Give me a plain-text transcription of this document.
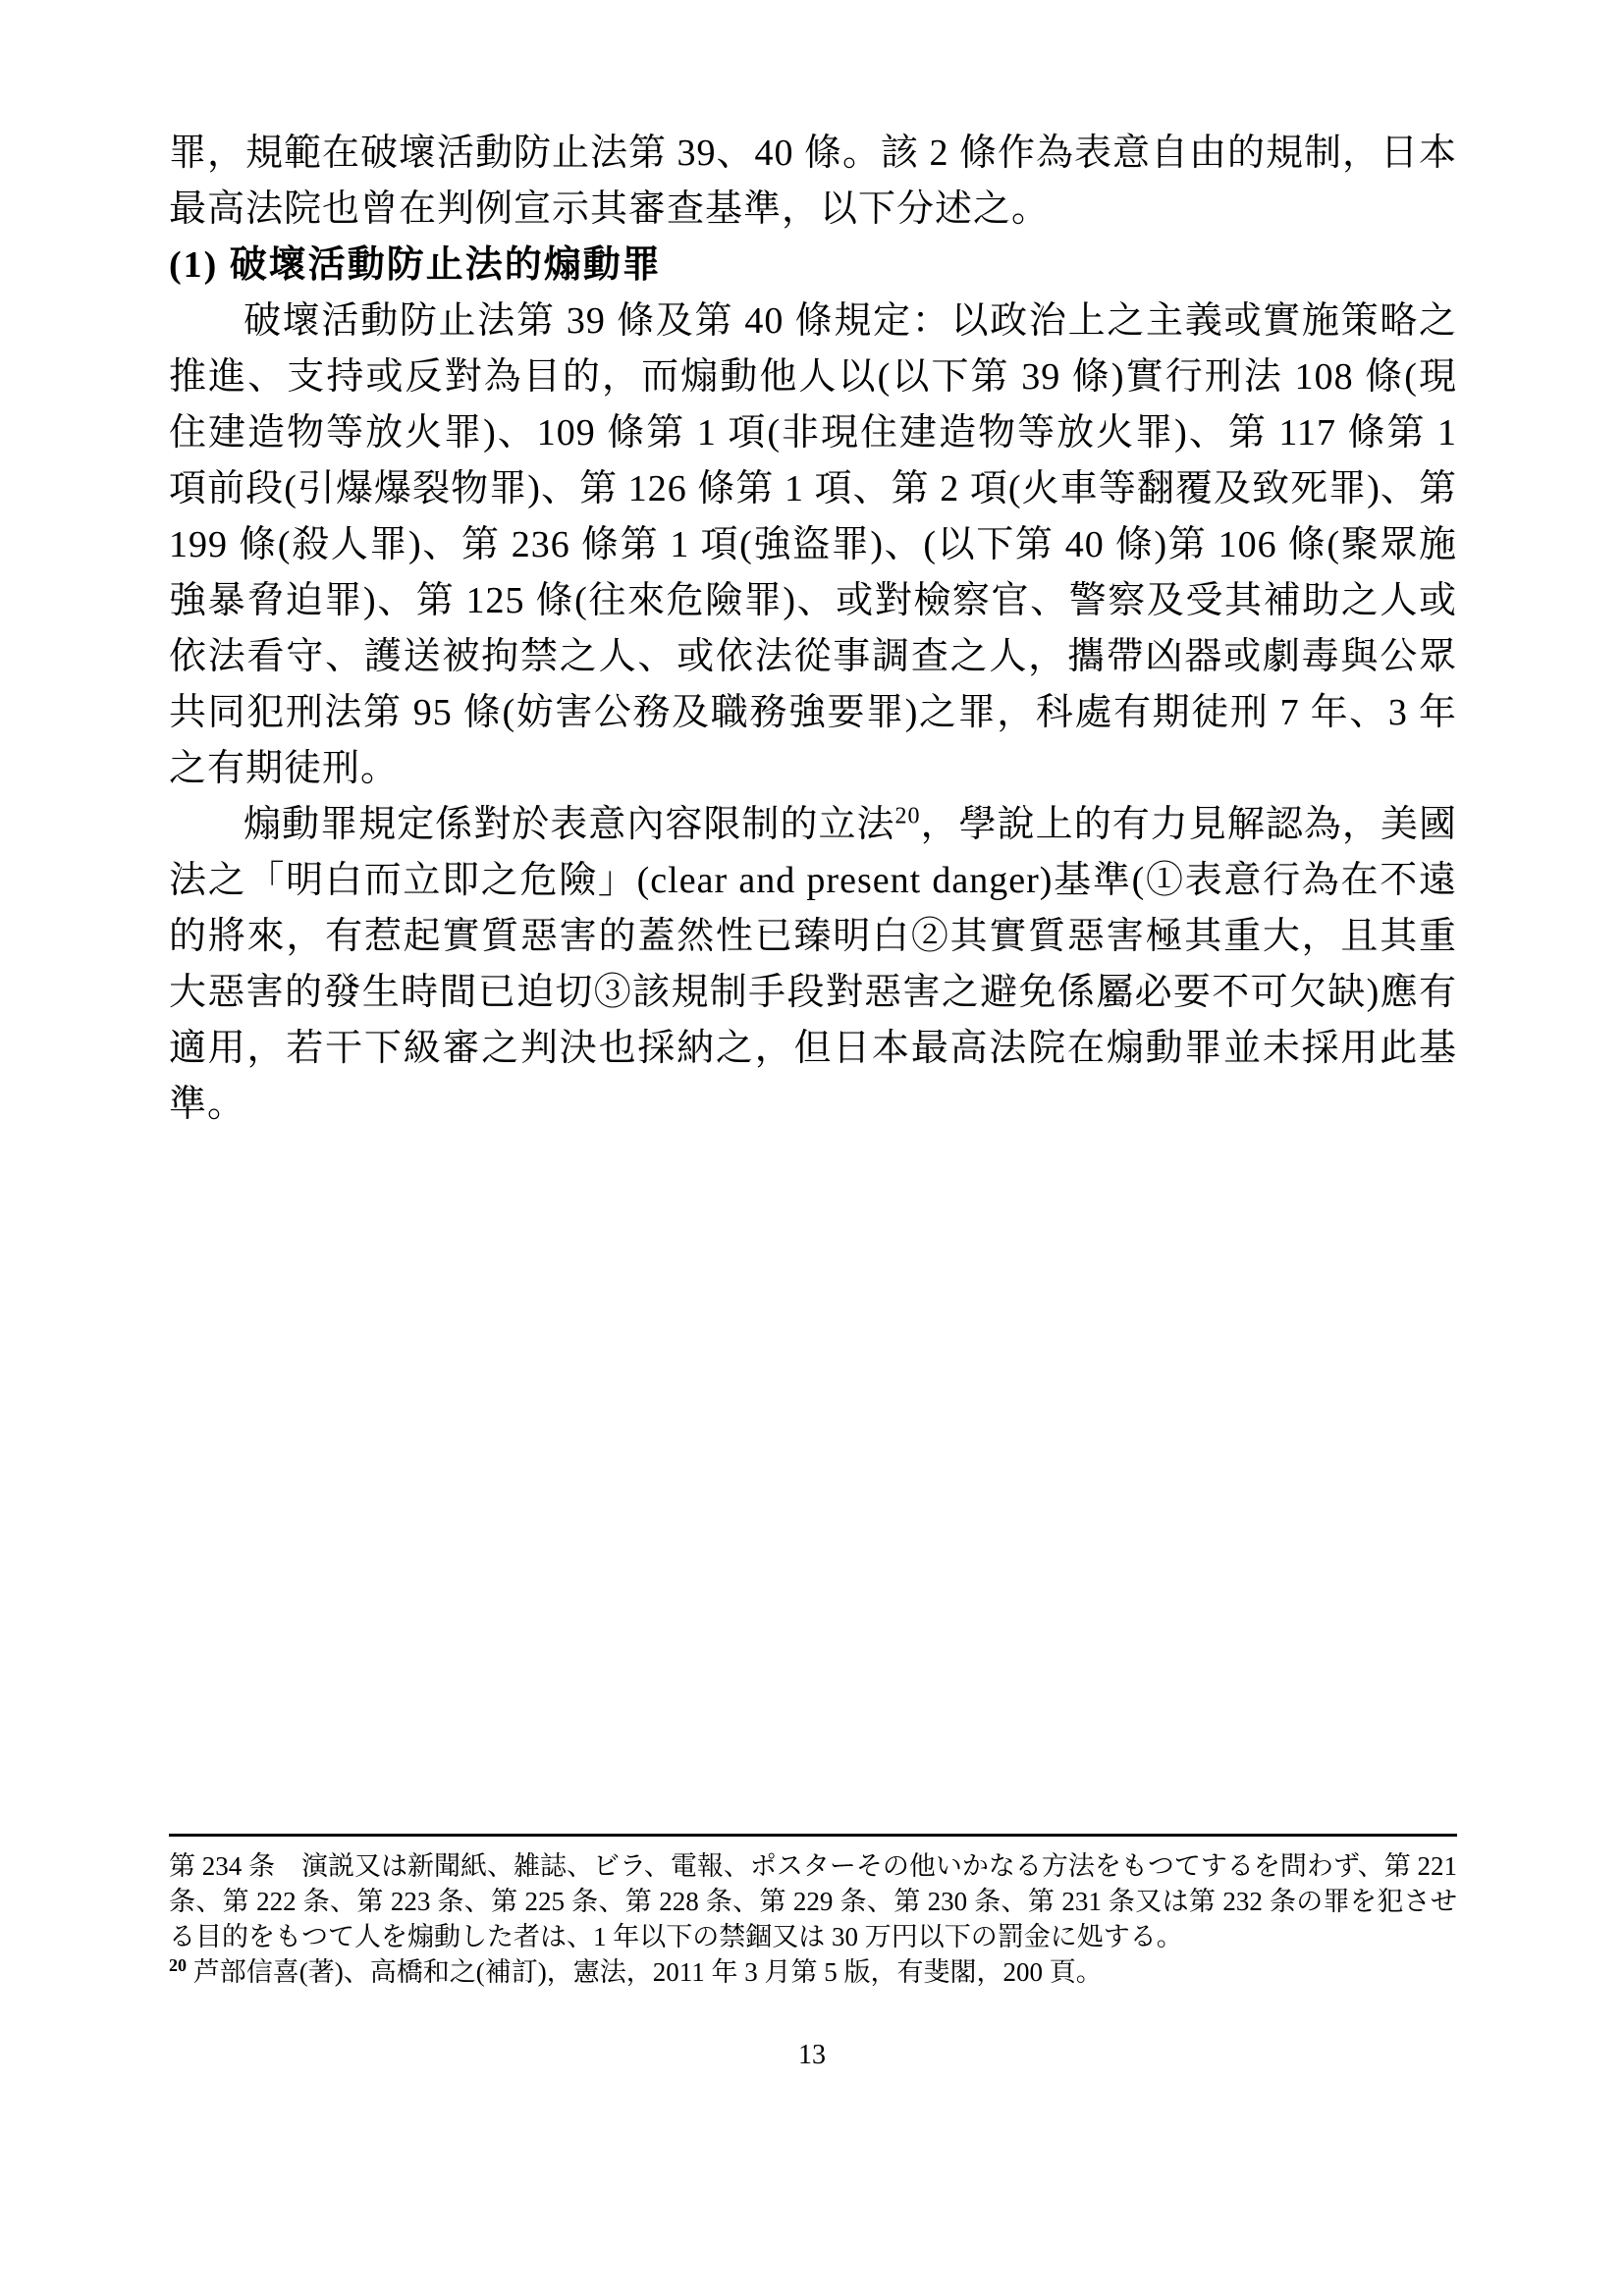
罪，規範在破壞活動防止法第 39、40 條。該 2 條作為表意自由的規制，日本最高法院也曾在判例宣示其審查基準，以下分述之。

(1) 破壞活動防止法的煽動罪

破壞活動防止法第 39 條及第 40 條規定：以政治上之主義或實施策略之推進、支持或反對為目的，而煽動他人以(以下第 39 條)實行刑法 108 條(現住建造物等放火罪)、109 條第 1 項(非現住建造物等放火罪)、第 117 條第 1 項前段(引爆爆裂物罪)、第 126 條第 1 項、第 2 項(火車等翻覆及致死罪)、第 199 條(殺人罪)、第 236 條第 1 項(強盜罪)、(以下第 40 條)第 106 條(聚眾施強暴脅迫罪)、第 125 條(往來危險罪)、或對檢察官、警察及受其補助之人或依法看守、護送被拘禁之人、或依法從事調查之人，攜帶凶器或劇毒與公眾共同犯刑法第 95 條(妨害公務及職務強要罪)之罪，科處有期徒刑 7 年、3 年之有期徒刑。

煽動罪規定係對於表意內容限制的立法$^{20}$，學說上的有力見解認為，美國法之「明白而立即之危險」(clear and present danger)基準(①表意行為在不遠的將來，有惹起實質惡害的蓋然性已臻明白②其實質惡害極其重大，且其重大惡害的發生時間已迫切③該規制手段對惡害之避免係屬必要不可欠缺)應有適用，若干下級審之判決也採納之，但日本最高法院在煽動罪並未採用此基準。

第 234 条　演説又は新聞紙、雑誌、ビラ、電報、ポスターその他いかなる方法をもつてするを問わず、第 221 条、第 222 条、第 223 条、第 225 条、第 228 条、第 229 条、第 230 条、第 231 条又は第 232 条の罪を犯させる目的をもつて人を煽動した者は、1 年以下の禁錮又は 30 万円以下の罰金に処する。

$^{20}$ 芦部信喜(著)、高橋和之(補訂)，憲法，2011 年 3 月第 5 版，有斐閣，200 頁。

13
